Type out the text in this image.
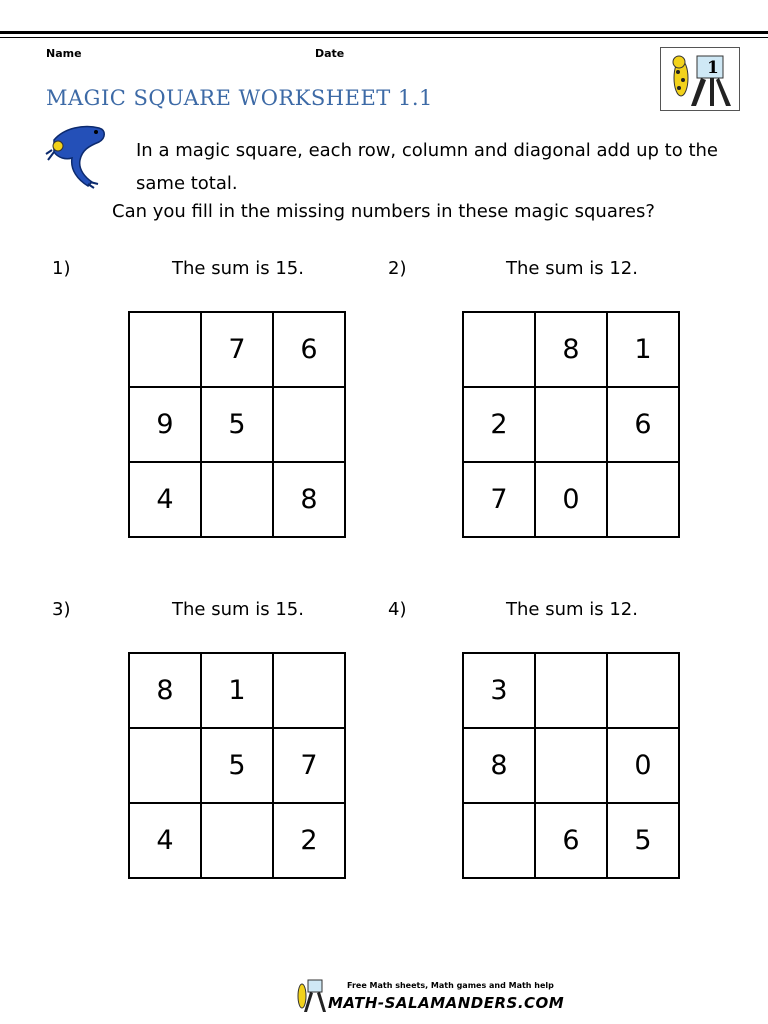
Name	Date
MAGIC SQUARE WORKSHEET 1.1
1
In a magic square, each row, column and diagonal add up to the same total.
Can you fill in the missing numbers in these magic squares?
1)	The sum is 15.
	7	6
9	5	
4		8
2)	The sum is 12.
	8	1
2		6
7	0	
3)	The sum is 15.
8	1	
	5	7
4		2
4)	The sum is 12.
3		
8		0
	6	5
Free Math sheets, Math games and Math help
MATH-SALAMANDERS.COM
